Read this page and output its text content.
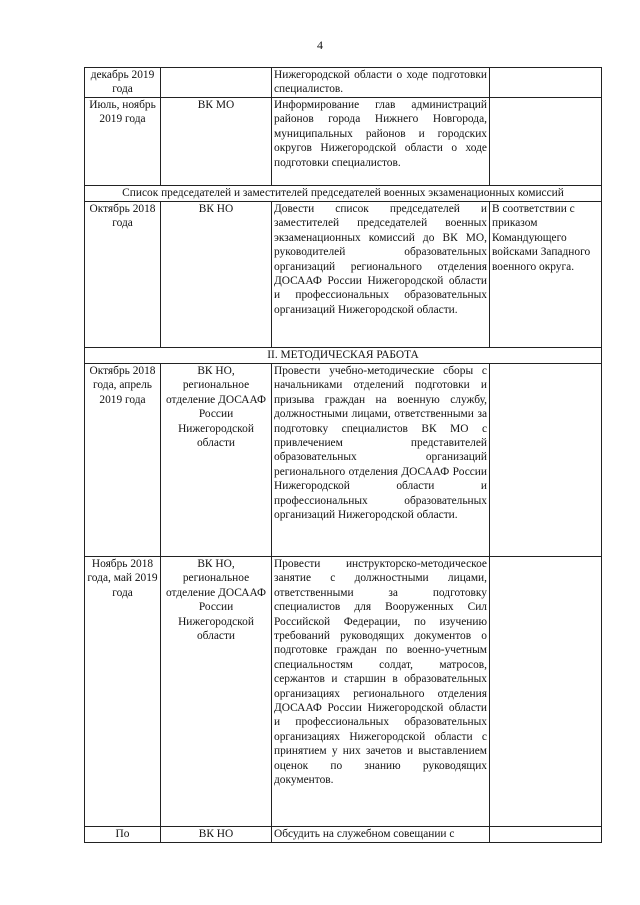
4
декабрь 2019 года		Нижегородской области о ходе подготовки специалистов.	
Июль, ноябрь 2019 года	ВК МО	Информирование глав администраций районов города Нижнего Новгорода, муниципальных районов и городских округов Нижегородской области о ходе подготовки специалистов.	
Список председателей и заместителей председателей военных экзаменационных комиссий			
Октябрь 2018 года	ВК НО	Довести список председателей и заместителей председателей военных экзаменационных комиссий до ВК МО, руководителей образовательных организаций регионального отделения ДОСААФ России Нижегородской области и профессиональных образовательных организаций Нижегородской области.	В соответствии с приказом Командующего войсками Западного военного округа.
II. МЕТОДИЧЕСКАЯ РАБОТА			
Октябрь 2018 года, апрель 2019 года	ВК НО, региональное отделение ДОСААФ России Нижегородской области	Провести учебно-методические сборы с начальниками отделений подготовки и призыва граждан на военную службу, должностными лицами, ответственными за подготовку специалистов ВК МО с привлечением представителей образовательных организаций регионального отделения ДОСААФ России Нижегородской области и профессиональных образовательных организаций Нижегородской области.	
Ноябрь 2018 года, май 2019 года	ВК НО, региональное отделение ДОСААФ России Нижегородской области	Провести инструкторско-методическое занятие с должностными лицами, ответственными за подготовку специалистов для Вооруженных Сил Российской Федерации, по изучению требований руководящих документов о подготовке граждан по военно-учетным специальностям солдат, матросов, сержантов и старшин в образовательных организациях регионального отделения ДОСААФ России Нижегородской области и профессиональных образовательных организациях Нижегородской области с принятием у них зачетов и выставлением оценок по знанию руководящих документов.	
По	ВК НО	Обсудить на служебном совещании с	
